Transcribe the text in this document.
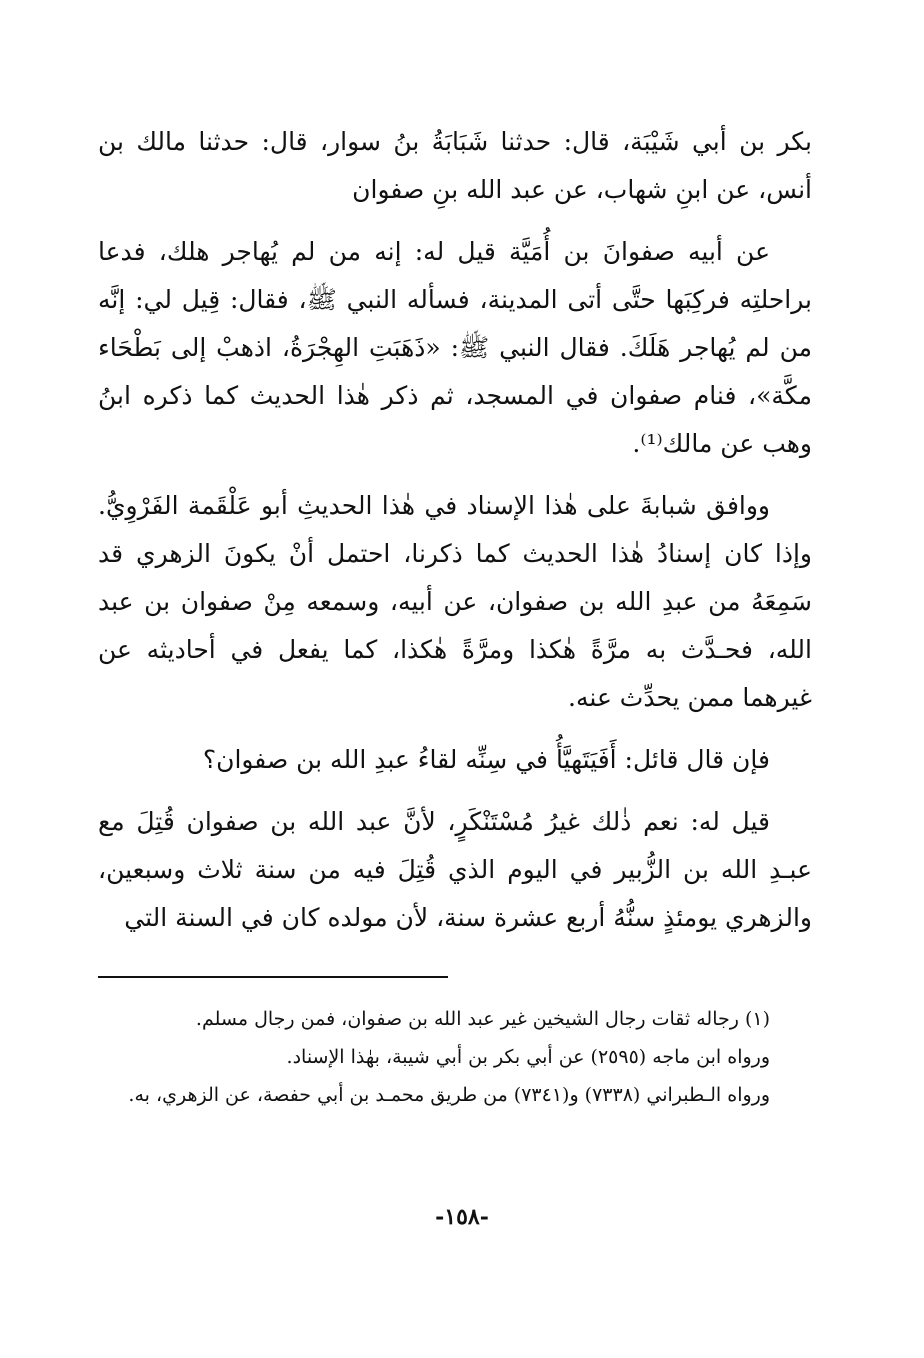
بكر بن أبي شَيْبَة، قال: حدثنا شَبَابَةُ بنُ سوار، قال: حدثنا مالك بن أنس، عن ابنِ شهاب، عن عبد الله بنِ صفوان

عن أبيه صفوانَ بن أُمَيَّة قيل له: إنه من لم يُهاجر هلك، فدعا براحلتِه فركِبَها حتَّى أتى المدينة، فسأله النبي ﷺ، فقال: قِيل لي: إنَّه من لم يُهاجر هَلَكَ. فقال النبي ﷺ: «ذَهَبَتِ الهِجْرَةُ، اذهبْ إلى بَطْحَاء مكَّة»، فنام صفوان في المسجد، ثم ذكر هٰذا الحديث كما ذكره ابنُ وهب عن مالك⁽¹⁾.

ووافق شبابةَ على هٰذا الإسناد في هٰذا الحديثِ أبو عَلْقَمة الفَرْوِيُّ. وإذا كان إسنادُ هٰذا الحديث كما ذكرنا، احتمل أنْ يكونَ الزهري قد سَمِعَهُ من عبدِ الله بن صفوان، عن أبيه، وسمعه مِنْ صفوان بن عبد الله، فحـدَّث به مرَّةً هٰكذا ومرَّةً هٰكذا، كما يفعل في أحاديثه عن غيرهما ممن يحدِّث عنه.

فإن قال قائل: أَفَيَتَهيَّأُ في سِنِّه لقاءُ عبدِ الله بن صفوان؟

قيل له: نعم ذٰلك غيرُ مُسْتَنْكَرٍ، لأنَّ عبد الله بن صفوان قُتِلَ مع عبـدِ الله بن الزُّبير في اليوم الذي قُتِلَ فيه من سنة ثلاث وسبعين، والزهري يومئذٍ سنُّهُ أربع عشرة سنة، لأن مولده كان في السنة التي

(١) رجاله ثقات رجال الشيخين غير عبد الله بن صفوان، فمن رجال مسلم.

ورواه ابن ماجه (٢٥٩٥) عن أبي بكر بن أبي شيبة، بهٰذا الإسناد.

ورواه الـطبراني (٧٣٣٨) و(٧٣٤١) من طريق محمـد بن أبي حفصة، عن الزهري، به.

-١٥٨-
